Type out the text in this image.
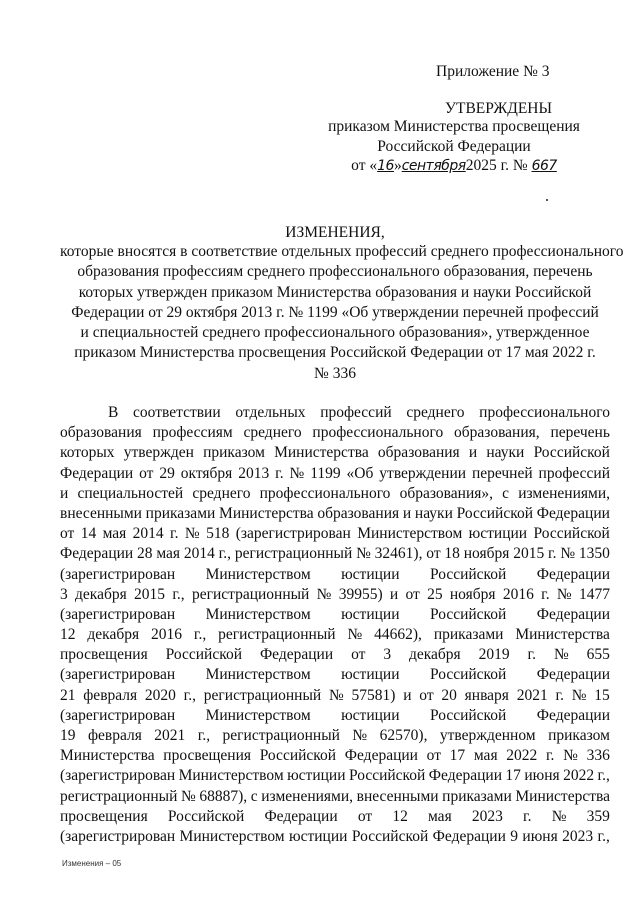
Приложение № 3
УТВЕРЖДЕНЫ
приказом Министерства просвещения
Российской Федерации
от «16»сентября2025 г. № 667
ИЗМЕНЕНИЯ,
которые вносятся в соответствие отдельных профессий среднего профессионального
образования профессиям среднего профессионального образования, перечень
которых утвержден приказом Министерства образования и науки Российской
Федерации от 29 октября 2013 г. № 1199 «Об утверждении перечней профессий
и специальностей среднего профессионального образования», утвержденное
приказом Министерства просвещения Российской Федерации от 17 мая 2022 г.
№ 336
В соответствии отдельных профессий среднего профессионального
образования профессиям среднего профессионального образования, перечень
которых утвержден приказом Министерства образования и науки Российской
Федерации от 29 октября 2013 г. № 1199 «Об утверждении перечней профессий
и специальностей среднего профессионального образования», с изменениями,
внесенными приказами Министерства образования и науки Российской Федерации
от 14 мая 2014 г. № 518 (зарегистрирован Министерством юстиции Российской
Федерации 28 мая 2014 г., регистрационный № 32461), от 18 ноября 2015 г. № 1350
(зарегистрирован Министерством юстиции Российской Федерации
3 декабря 2015 г., регистрационный № 39955) и от 25 ноября 2016 г. № 1477
(зарегистрирован Министерством юстиции Российской Федерации
12 декабря 2016 г., регистрационный № 44662), приказами Министерства
просвещения Российской Федерации от 3 декабря 2019 г. № 655
(зарегистрирован Министерством юстиции Российской Федерации
21 февраля 2020 г., регистрационный № 57581) и от 20 января 2021 г. № 15
(зарегистрирован Министерством юстиции Российской Федерации
19 февраля 2021 г., регистрационный № 62570), утвержденном приказом
Министерства просвещения Российской Федерации от 17 мая 2022 г. № 336
(зарегистрирован Министерством юстиции Российской Федерации 17 июня 2022 г.,
регистрационный № 68887), с изменениями, внесенными приказами Министерства
просвещения Российской Федерации от 12 мая 2023 г. № 359
(зарегистрирован Министерством юстиции Российской Федерации 9 июня 2023 г.,
Изменения – 05
